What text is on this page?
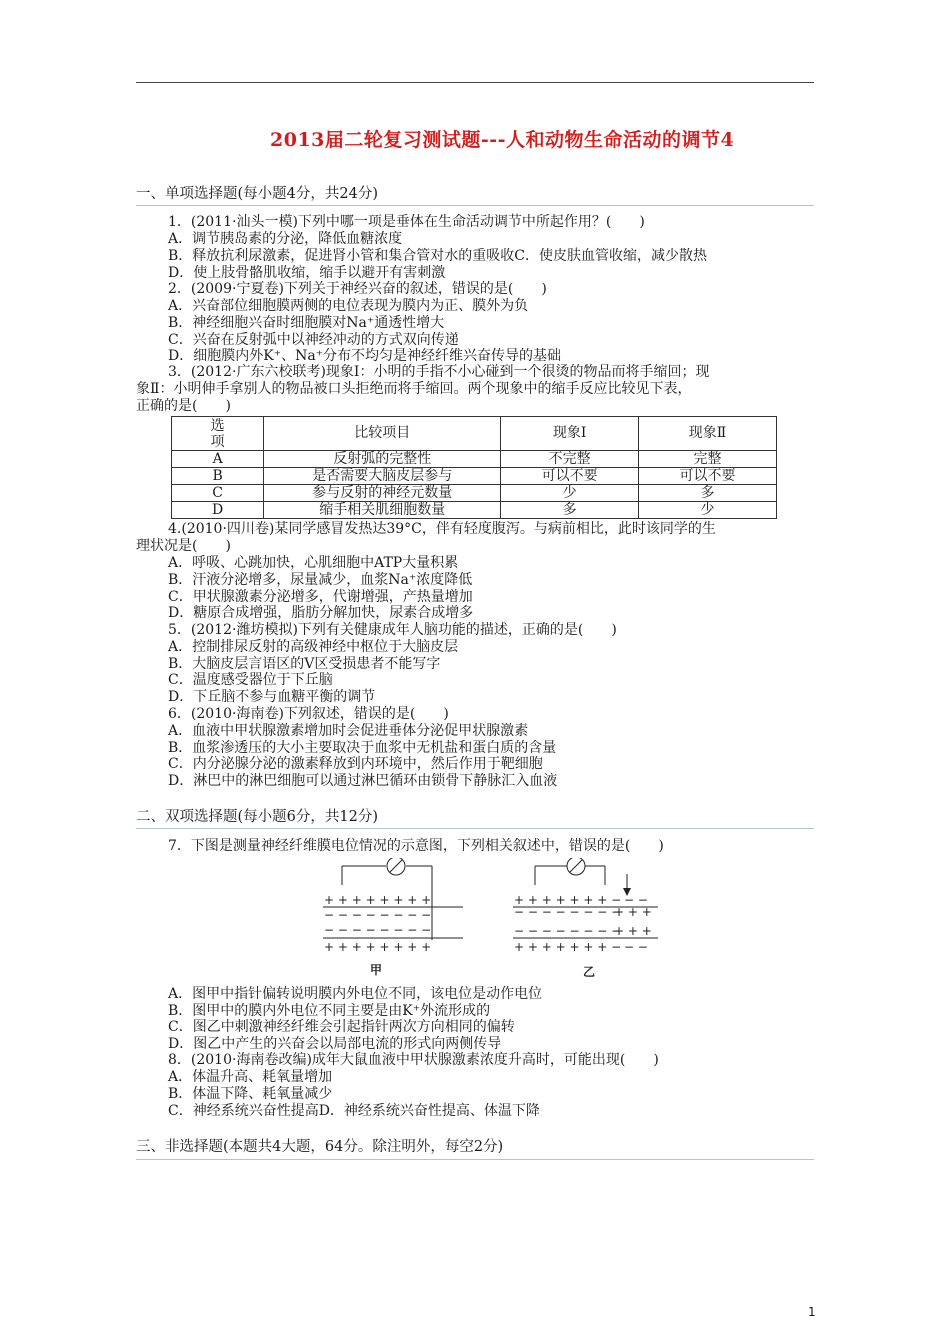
2013届二轮复习测试题---人和动物生命活动的调节4
一、单项选择题(每小题4分，共24分)
1．(2011·汕头一模)下列中哪一项是垂体在生命活动调节中所起作用？(　　)
A．调节胰岛素的分泌，降低血糖浓度
B．释放抗利尿激素，促进肾小管和集合管对水的重吸收C．使皮肤血管收缩，减少散热
D．使上肢骨骼肌收缩，缩手以避开有害刺激
2．(2009·宁夏卷)下列关于神经兴奋的叙述，错误的是(　　)
A．兴奋部位细胞膜两侧的电位表现为膜内为正、膜外为负
B．神经细胞兴奋时细胞膜对Na⁺通透性增大
C．兴奋在反射弧中以神经冲动的方式双向传递
D．细胞膜内外K⁺、Na⁺分布不均匀是神经纤维兴奋传导的基础
3．(2012·广东六校联考)现象Ⅰ：小明的手指不小心碰到一个很烫的物品而将手缩回；现
象Ⅱ：小明伸手拿别人的物品被口头拒绝而将手缩回。两个现象中的缩手反应比较见下表，
正确的是(　　)
选项	比较项目	现象Ⅰ	现象Ⅱ
A	反射弧的完整性	不完整	完整
B	是否需要大脑皮层参与	可以不要	可以不要
C	参与反射的神经元数量	少	多
D	缩手相关肌细胞数量	多	少
4.(2010·四川卷)某同学感冒发热达39°C，伴有轻度腹泻。与病前相比，此时该同学的生
理状况是(　　)
A．呼吸、心跳加快，心肌细胞中ATP大量积累
B．汗液分泌增多，尿量减少，血浆Na⁺浓度降低
C．甲状腺激素分泌增多，代谢增强，产热量增加
D．糖原合成增强，脂肪分解加快，尿素合成增多
5．(2012·潍坊模拟)下列有关健康成年人脑功能的描述，正确的是(　　)
A．控制排尿反射的高级神经中枢位于大脑皮层
B．大脑皮层言语区的V区受损患者不能写字
C．温度感受器位于下丘脑
D．下丘脑不参与血糖平衡的调节
6．(2010·海南卷)下列叙述，错误的是(　　)
A．血液中甲状腺激素增加时会促进垂体分泌促甲状腺激素
B．血浆渗透压的大小主要取决于血浆中无机盐和蛋白质的含量
C．内分泌腺分泌的激素释放到内环境中，然后作用于靶细胞
D．淋巴中的淋巴细胞可以通过淋巴循环由锁骨下静脉汇入血液
二、双项选择题(每小题6分，共12分)
7．下图是测量神经纤维膜电位情况的示意图，下列相关叙述中，错误的是(　　)
+ + + + + + + +
− − − − − − − −
− − − − − − − −
+ + + + + + + +
甲
+ + + + + + + − − −
− − − − − − − −
+ + +
− − − − − − − −
+ + +
+ + + + + + + − − −
乙
A．图甲中指针偏转说明膜内外电位不同，该电位是动作电位
B．图甲中的膜内外电位不同主要是由K⁺外流形成的
C．图乙中刺激神经纤维会引起指针两次方向相同的偏转
D．图乙中产生的兴奋会以局部电流的形式向两侧传导
8．(2010·海南卷改编)成年大鼠血液中甲状腺激素浓度升高时，可能出现(　　)
A．体温升高、耗氧量增加
B．体温下降、耗氧量减少
C．神经系统兴奋性提高D．神经系统兴奋性提高、体温下降
三、非选择题(本题共4大题，64分。除注明外，每空2分)
1
